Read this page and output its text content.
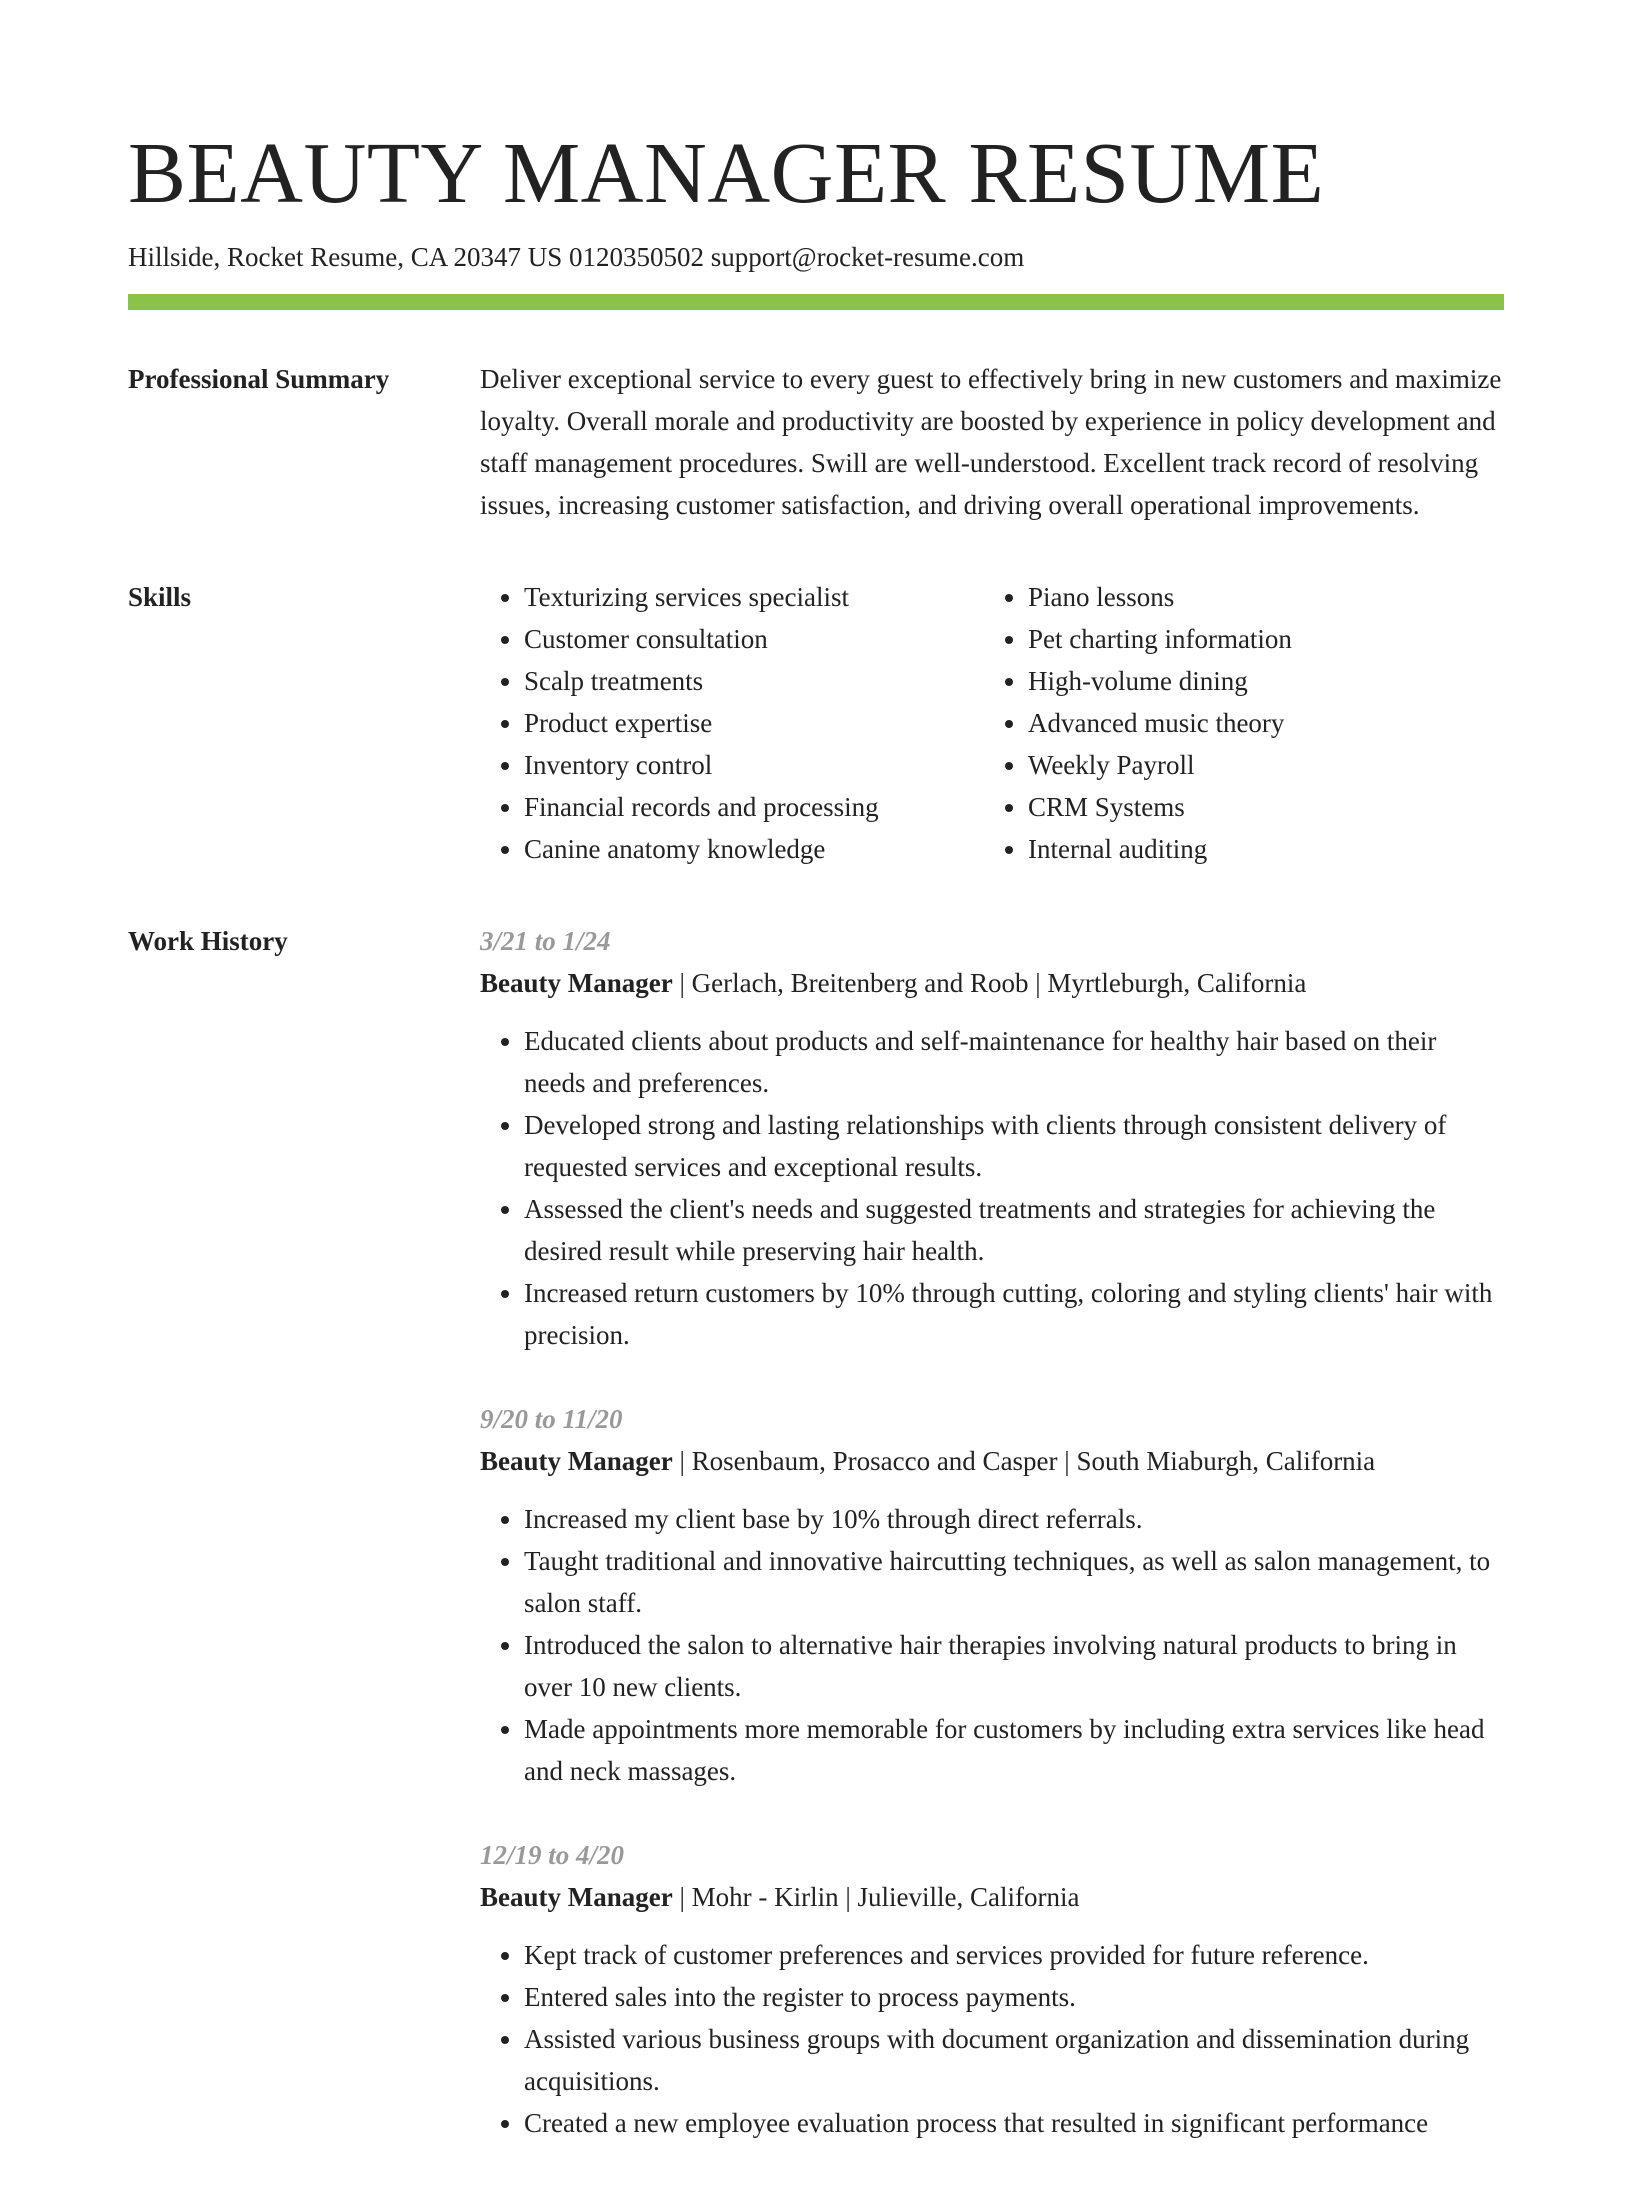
BEAUTY MANAGER RESUME
Hillside, Rocket Resume, CA 20347 US 0120350502 support@rocket-resume.com
Professional Summary	Deliver exceptional service to every guest to effectively bring in new customers and maximize loyalty. Overall morale and productivity are boosted by experience in policy development and staff management procedures. Swill are well-understood. Excellent track record of resolving issues, increasing customer satisfaction, and driving overall operational improvements.

Skills
•	Texturizing services specialist
• Customer consultation
• Scalp treatments
• Product expertise
• Inventory control
• Financial records and processing
• Canine anatomy knowledge
• Piano lessons
• Pet charting information
• High-volume dining
• Advanced music theory
• Weekly Payroll
• CRM Systems
• Internal auditing
Work History	3/21 to 1/24
Beauty Manager | Gerlach, Breitenberg and Roob | Myrtleburgh, California
• Educated clients about products and self-maintenance for healthy hair based on their needs and preferences.
• Developed strong and lasting relationships with clients through consistent delivery of requested services and exceptional results.
• Assessed the client's needs and suggested treatments and strategies for achieving the desired result while preserving hair health.
• Increased return customers by 10% through cutting, coloring and styling clients' hair with precision.
9/20 to 11/20
Beauty Manager | Rosenbaum, Prosacco and Casper | South Miaburgh, California
• Increased my client base by 10% through direct referrals.
• Taught traditional and innovative haircutting techniques, as well as salon management, to salon staff.
• Introduced the salon to alternative hair therapies involving natural products to bring in over 10 new clients.
• Made appointments more memorable for customers by including extra services like head and neck massages.
12/19 to 4/20
Beauty Manager | Mohr - Kirlin | Julieville, California
• Kept track of customer preferences and services provided for future reference.
• Entered sales into the register to process payments.
• Assisted various business groups with document organization and dissemination during acquisitions.
• Created a new employee evaluation process that resulted in significant performance
